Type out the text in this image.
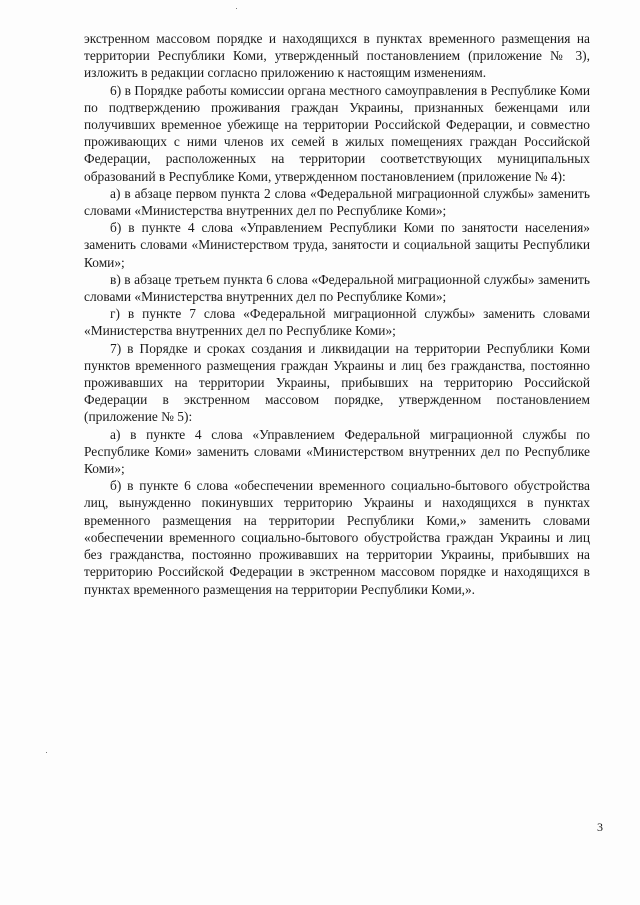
экстренном массовом порядке и находящихся в пунктах временного размещения на территории Республики Коми, утвержденный постановлением (приложение № 3), изложить в редакции согласно приложению к настоящим изменениям.

6) в Порядке работы комиссии органа местного самоуправления в Республике Коми по подтверждению проживания граждан Украины, признанных беженцами или получивших временное убежище на территории Российской Федерации, и совместно проживающих с ними членов их семей в жилых помещениях граждан Российской Федерации, расположенных на территории соответствующих муниципальных образований в Республике Коми, утвержденном постановлением (приложение № 4):

а) в абзаце первом пункта 2 слова «Федеральной миграционной службы» заменить словами «Министерства внутренних дел по Республике Коми»;

б) в пункте 4 слова «Управлением Республики Коми по занятости населения» заменить словами «Министерством труда, занятости и социальной защиты Республики Коми»;

в) в абзаце третьем пункта 6 слова «Федеральной миграционной службы» заменить словами «Министерства внутренних дел по Республике Коми»;

г) в пункте 7 слова «Федеральной миграционной службы» заменить словами «Министерства внутренних дел по Республике Коми»;

7) в Порядке и сроках создания и ликвидации на территории Республики Коми пунктов временного размещения граждан Украины и лиц без гражданства, постоянно проживавших на территории Украины, прибывших на территорию Российской Федерации в экстренном массовом порядке, утвержденном постановлением (приложение № 5):

а) в пункте 4 слова «Управлением Федеральной миграционной службы по Республике Коми» заменить словами «Министерством внутренних дел по Республике Коми»;

б) в пункте 6 слова «обеспечении временного социально-бытового обустройства лиц, вынужденно покинувших территорию Украины и находящихся в пунктах временного размещения на территории Республики Коми,» заменить словами «обеспечении временного социально-бытового обустройства граждан Украины и лиц без гражданства, постоянно проживавших на территории Украины, прибывших на территорию Российской Федерации в экстренном массовом порядке и находящихся в пунктах временного размещения на территории Республики Коми,».

3
